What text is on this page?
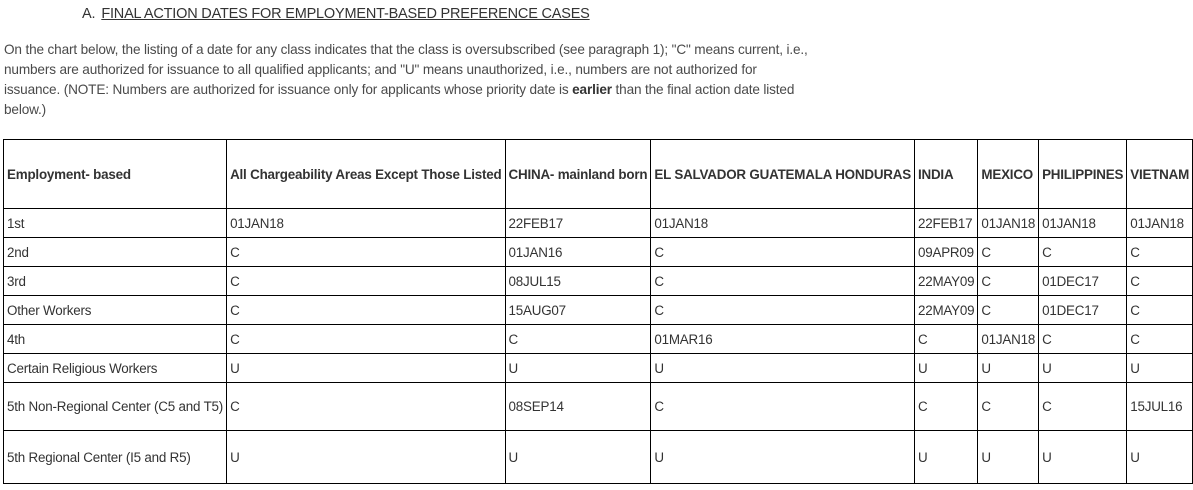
A. FINAL ACTION DATES FOR EMPLOYMENT-BASED PREFERENCE CASES

On the chart below, the listing of a date for any class indicates that the class is oversubscribed (see paragraph 1); "C" means current, i.e., numbers are authorized for issuance to all qualified applicants; and "U" means unauthorized, i.e., numbers are not authorized for issuance. (NOTE: Numbers are authorized for issuance only for applicants whose priority date is earlier than the final action date listed below.)

Employment- based	All Chargeability Areas Except Those Listed	CHINA- mainland born	EL SALVADOR GUATEMALA HONDURAS	INDIA	MEXICO	PHILIPPINES	VIETNAM
1st	01JAN18	22FEB17	01JAN18	22FEB17	01JAN18	01JAN18	01JAN18
2nd	C	01JAN16	C	09APR09	C	C	C
3rd	C	08JUL15	C	22MAY09	C	01DEC17	C
Other Workers	C	15AUG07	C	22MAY09	C	01DEC17	C
4th	C	C	01MAR16	C	01JAN18	C	C
Certain Religious Workers	U	U	U	U	U	U	U
5th Non-Regional Center (C5 and T5)	C	08SEP14	C	C	C	C	15JUL16
5th Regional Center (I5 and R5)	U	U	U	U	U	U	U
